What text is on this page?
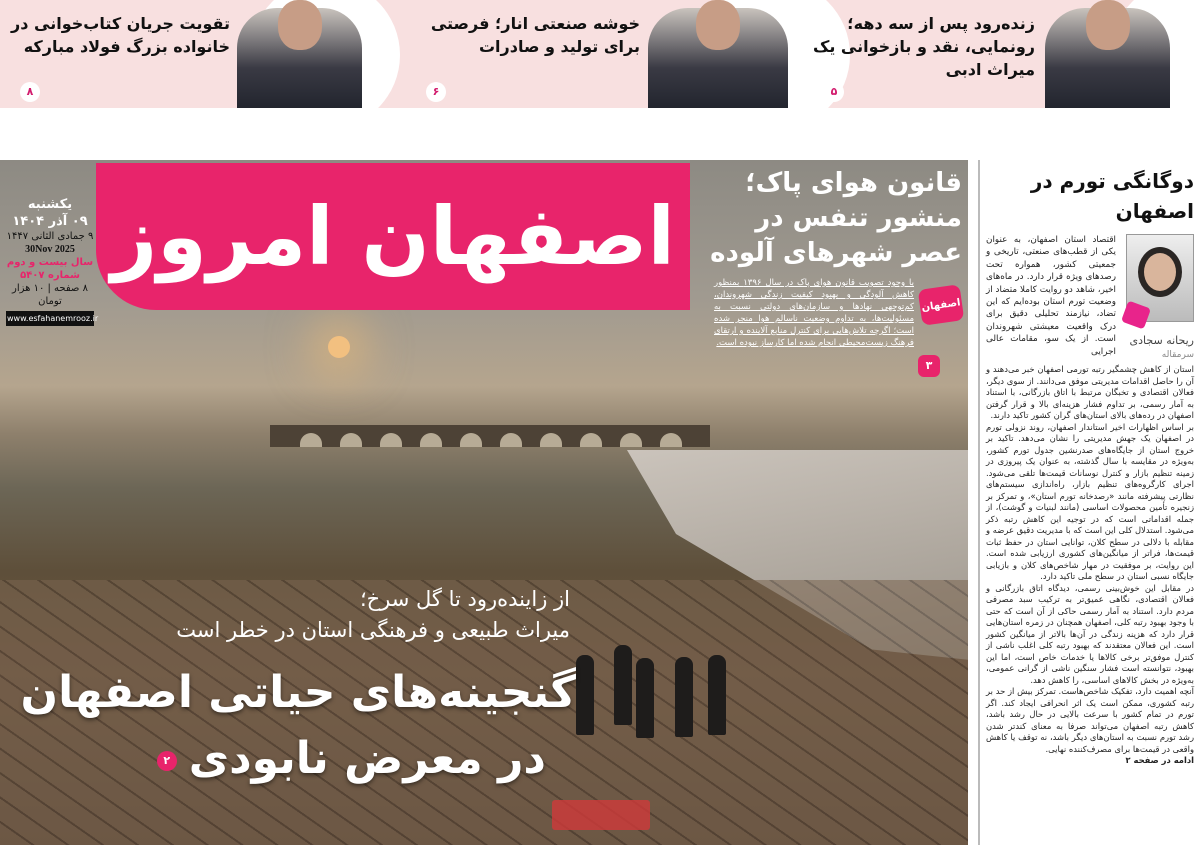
تقویت جریان کتاب‌خوانی در خانواده بزرگ فولاد مبارکه
۸
خوشه صنعتی انار؛ فرصتی برای تولید و صادرات
۶
زنده‌رود پس از سه دهه؛ رونمایی، نقد و بازخوانی یک میراث ادبی
۵
اصفهان امروز
یکشنبه
۰۹ آذر ۱۴۰۴
۹ جمادی الثانی ۱۴۴۷
30Nov 2025
سال بیست و دوم
شماره ۵۴۰۷
۸ صفحه | ۱۰ هزار تومان
www.esfahanemrooz.ir
قانون هوای پاک؛ منشور تنفس در عصر شهرهای آلوده
اصفهان
با وجود تصویب قانون هوای پاک در سال ۱۳۹۶ بمنظور کاهش آلودگی و بهبود کیفیت زندگی شهروندان، کم‌توجهی نهادها و سازمان‌های دولتی نسبت به مسئولیت‌ها، به تداوم وضعیت ناسالم هوا منجر شده است؛ اگرچه تلاش‌هایی برای کنترل منابع آلاینده و ارتقای فرهنگ زیست‌محیطی انجام شده اما کارساز نبوده است.
۳
از زاینده‌رود تا گل سرخ؛
میراث طبیعی و فرهنگی استان در خطر است
گنجینه‌های حیاتی اصفهان
در معرض نابودی۲
دوگانگی تورم در اصفهان
ریحانه سجادی
سرمقاله
اقتصاد استان اصفهان، به عنوان یکی از قطب‌های صنعتی، تاریخی و جمعیتی کشور، همواره تحت رصدهای ویژه قرار دارد. در ماه‌های اخیر، شاهد دو روایت کاملا متضاد از وضعیت تورم استان بوده‌ایم که این تضاد، نیازمند تحلیلی دقیق برای درک واقعیت معیشتی شهروندان است. از یک سو، مقامات عالی اجرایی

استان از کاهش چشمگیر رتبه تورمی اصفهان خبر می‌دهند و آن را حاصل اقدامات مدیریتی موفق می‌دانند. از سوی دیگر، فعالان اقتصادی و تخبگان مرتبط با اتاق بازرگانی، با استناد به آمار رسمی، بر تداوم فشار هزینه‌ای بالا و قرار گرفتن اصفهان در رده‌های بالای استان‌های گران کشور تاکید دارند.

بر اساس اظهارات اخیر استاندار اصفهان، روند نزولی تورم در اصفهان یک جهش مدیریتی را نشان می‌دهد. تاکید بر خروج استان از جایگاه‌های صدرنشین جدول تورم کشور، به‌ویژه در مقایسه با سال گذشته، به عنوان یک پیروزی در زمینه تنظیم بازار و کنترل نوسانات قیمت‌ها تلقی می‌شود. اجرای کارگروه‌های تنظیم بازار، راه‌اندازی سیستم‌های نظارتی پیشرفته مانند «رصدخانه تورم استان»، و تمرکز بر زنجیره تأمین محصولات اساسی (مانند لبنیات و گوشت)، از جمله اقداماتی است که در توجیه این کاهش رتبه ذکر می‌شود. استدلال کلی این است که با مدیریت دقیق عرضه و مقابله با دلالی در سطح کلان، توانایی استان در حفظ ثبات قیمت‌ها، فراتر از میانگین‌های کشوری ارزیابی شده است. این روایت، بر موفقیت در مهار شاخص‌های کلان و بازیابی جایگاه نسبی استان در سطح ملی تاکید دارد.

در مقابل این خوش‌بینی رسمی، دیدگاه اتاق بازرگانی و فعالان اقتصادی، نگاهی عمیق‌تر به ترکیب سبد مصرفی مردم دارد. استناد به آمار رسمی حاکی از آن است که حتی با وجود بهبود رتبه کلی، اصفهان همچنان در زمره استان‌هایی قرار دارد که هزینه زندگی در آن‌ها بالاتر از میانگین کشور است. این فعالان معتقدند که بهبود رتبه کلی اغلب ناشی از کنترل موفق‌تر برخی کالاها یا خدمات خاص است، اما این بهبود، نتوانسته است فشار سنگین ناشی از گرانی عمومی، به‌ویژه در بخش کالاهای اساسی، را کاهش دهد.

آنچه اهمیت دارد، تفکیک شاخص‌هاست. تمرکز بیش از حد بر رتبه کشوری، ممکن است یک اثر انحرافی ایجاد کند. اگر تورم در تمام کشور با سرعت بالایی در حال رشد باشد، کاهش رتبه اصفهان می‌تواند صرفا به معنای کندتر شدن رشد تورم نسبت به استان‌های دیگر باشد، نه توقف یا کاهش واقعی در قیمت‌ها برای مصرف‌کننده نهایی.

ادامه در صفحه ۲
